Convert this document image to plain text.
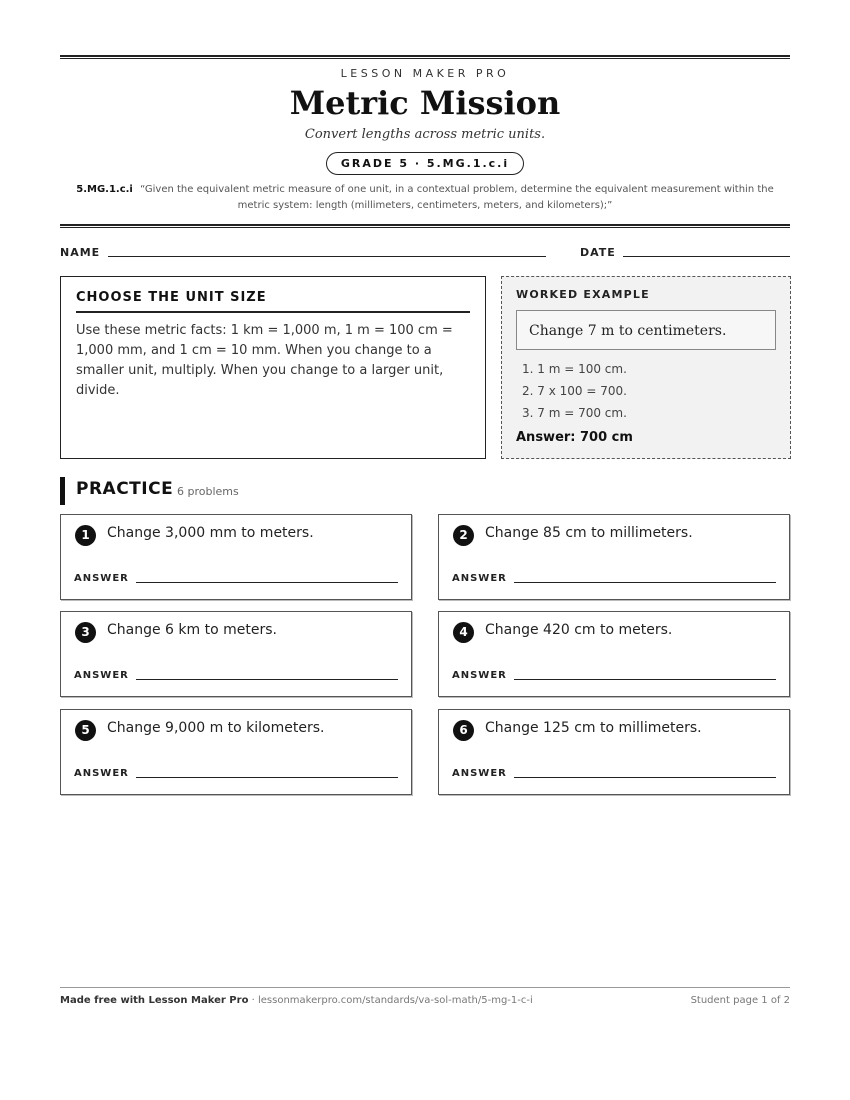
LESSON MAKER PRO
Metric Mission
Convert lengths across metric units.
GRADE 5 · 5.MG.1.c.i
5.MG.1.c.i “Given the equivalent metric measure of one unit, in a contextual problem, determine the equivalent measurement within the metric system: length (millimeters, centimeters, meters, and kilometers);”
NAME	DATE
CHOOSE THE UNIT SIZE
Use these metric facts: 1 km = 1,000 m, 1 m = 100 cm = 1,000 mm, and 1 cm = 10 mm. When you change to a smaller unit, multiply. When you change to a larger unit, divide.
WORKED EXAMPLE
Change 7 m to centimeters.
1. 1 m = 100 cm.
2. 7 x 100 = 700.
3. 7 m = 700 cm.
Answer: 700 cm
PRACTICE 6 problems
1	Change 3,000 mm to meters.
ANSWER
2	Change 85 cm to millimeters.
ANSWER
3	Change 6 km to meters.
ANSWER
4	Change 420 cm to meters.
ANSWER
5	Change 9,000 m to kilometers.
ANSWER
6	Change 125 cm to millimeters.
ANSWER
Made free with Lesson Maker Pro · lessonmakerpro.com/standards/va-sol-math/5-mg-1-c-i	Student page 1 of 2
